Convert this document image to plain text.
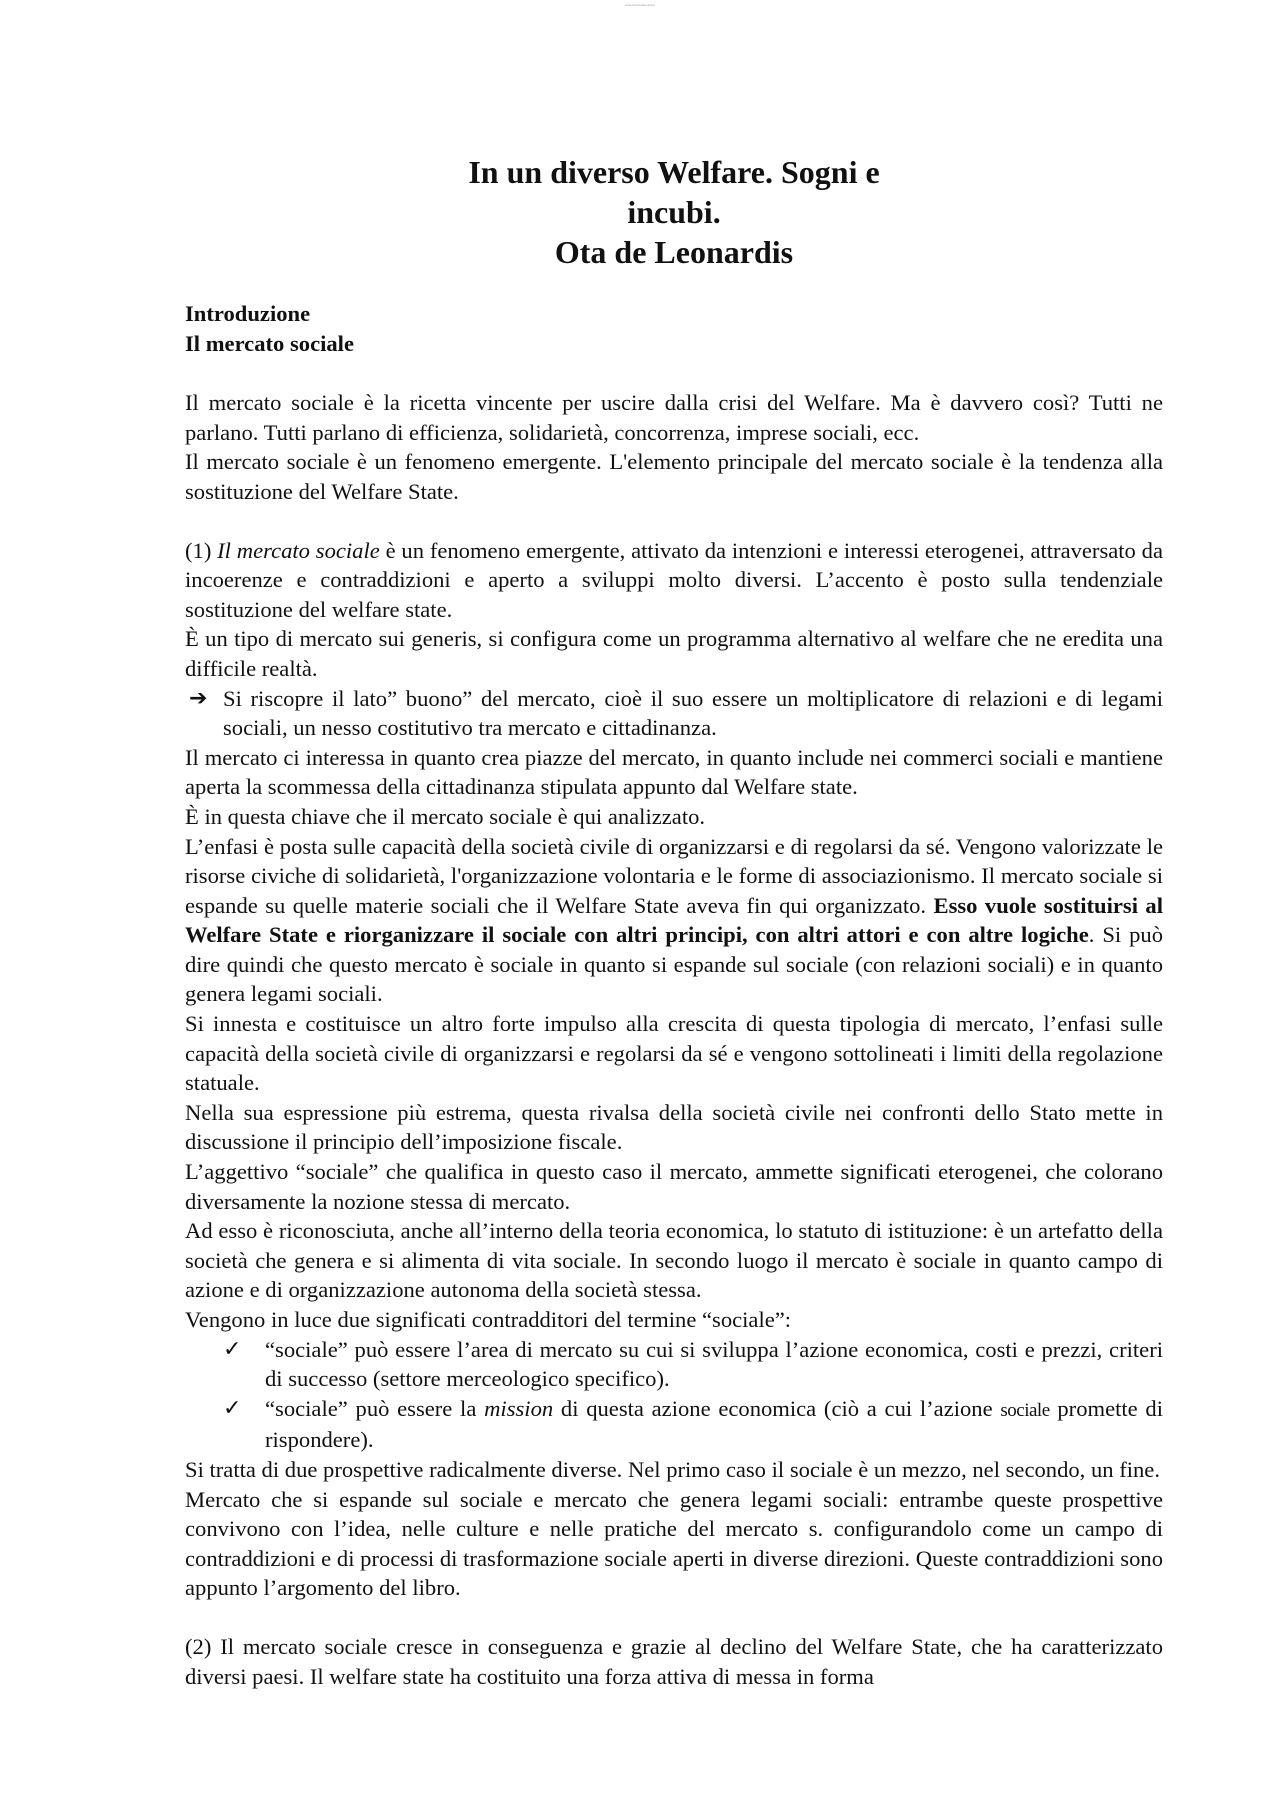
www.ilnerd.altervista.it
In un diverso Welfare. Sogni e
incubi.
Ota de Leonardis

Introduzione

Il mercato sociale

Il mercato sociale è la ricetta vincente per uscire dalla crisi del Welfare. Ma è davvero così? Tutti ne parlano. Tutti parlano di efficienza, solidarietà, concorrenza, imprese sociali, ecc.

Il mercato sociale è un fenomeno emergente. L'elemento principale del mercato sociale è la tendenza alla sostituzione del Welfare State.

(1) Il mercato sociale è un fenomeno emergente, attivato da intenzioni e interessi eterogenei, attraversato da incoerenze e contraddizioni e aperto a sviluppi molto diversi. L’accento è posto sulla tendenziale sostituzione del welfare state.

È un tipo di mercato sui generis, si configura come un programma alternativo al welfare che ne eredita una difficile realtà.

➔ Si riscopre il lato” buono” del mercato, cioè il suo essere un moltiplicatore di relazioni e di legami sociali, un nesso costitutivo tra mercato e cittadinanza.

Il mercato ci interessa in quanto crea piazze del mercato, in quanto include nei commerci sociali e mantiene aperta la scommessa della cittadinanza stipulata appunto dal Welfare state.

È in questa chiave che il mercato sociale è qui analizzato.

L’enfasi è posta sulle capacità della società civile di organizzarsi e di regolarsi da sé. Vengono valorizzate le risorse civiche di solidarietà, l'organizzazione volontaria e le forme di associazionismo. Il mercato sociale si espande su quelle materie sociali che il Welfare State aveva fin qui organizzato. Esso vuole sostituirsi al Welfare State e riorganizzare il sociale con altri principi, con altri attori e con altre logiche. Si può dire quindi che questo mercato è sociale in quanto si espande sul sociale (con relazioni sociali) e in quanto genera legami sociali.

Si innesta e costituisce un altro forte impulso alla crescita di questa tipologia di mercato, l’enfasi sulle capacità della società civile di organizzarsi e regolarsi da sé e vengono sottolineati i limiti della regolazione statuale.

Nella sua espressione più estrema, questa rivalsa della società civile nei confronti dello Stato mette in discussione il principio dell’imposizione fiscale.

L’aggettivo “sociale” che qualifica in questo caso il mercato, ammette significati eterogenei, che colorano diversamente la nozione stessa di mercato.

Ad esso è riconosciuta, anche all’interno della teoria economica, lo statuto di istituzione: è un artefatto della società che genera e si alimenta di vita sociale. In secondo luogo il mercato è sociale in quanto campo di azione e di organizzazione autonoma della società stessa.

Vengono in luce due significati contradditori del termine “sociale”:

✓ “sociale” può essere l’area di mercato su cui si sviluppa l’azione economica, costi e prezzi, criteri di successo (settore merceologico specifico).
✓ “sociale” può essere la mission di questa azione economica (ciò a cui l’azione sociale promette di rispondere).

Si tratta di due prospettive radicalmente diverse. Nel primo caso il sociale è un mezzo, nel secondo, un fine.

Mercato che si espande sul sociale e mercato che genera legami sociali: entrambe queste prospettive convivono con l’idea, nelle culture e nelle pratiche del mercato s. configurandolo come un campo di contraddizioni e di processi di trasformazione sociale aperti in diverse direzioni. Queste contraddizioni sono appunto l’argomento del libro.

(2) Il mercato sociale cresce in conseguenza e grazie al declino del Welfare State, che ha caratterizzato diversi paesi. Il welfare state ha costituito una forza attiva di messa in forma
